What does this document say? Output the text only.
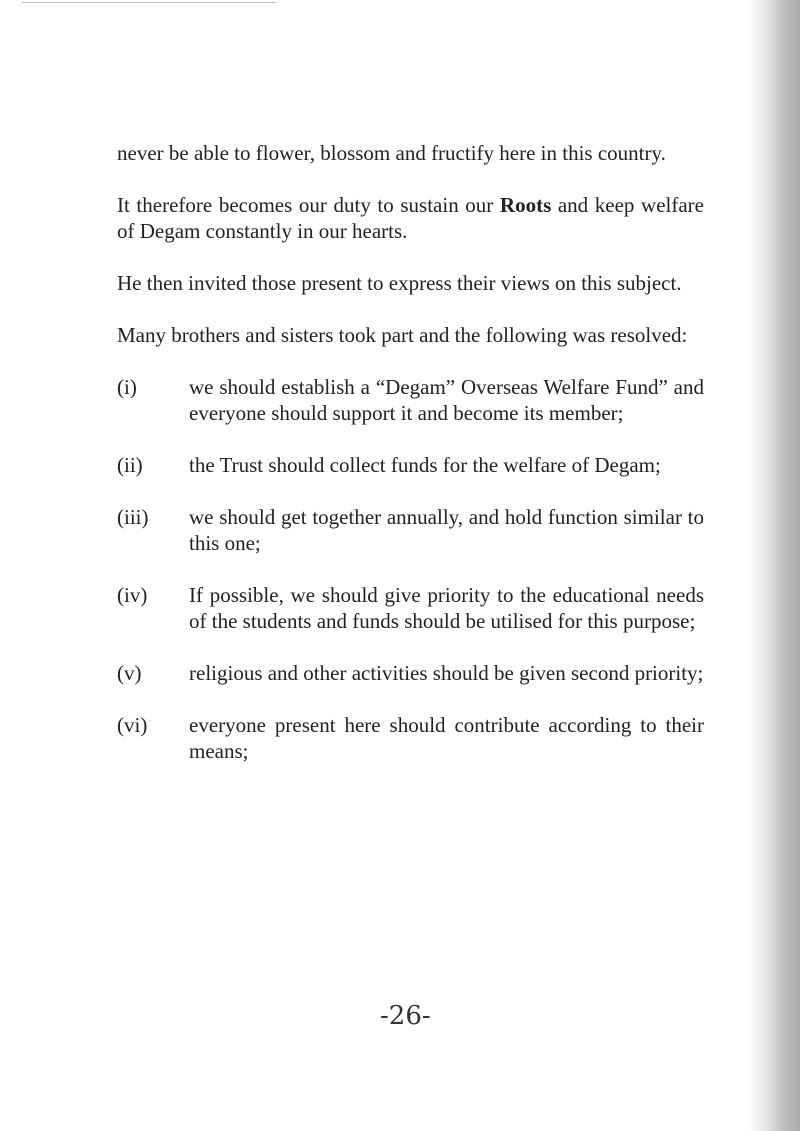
never be able to flower, blossom and fructify here in this country.

It therefore becomes our duty to sustain our Roots and keep welfare of Degam constantly in our hearts.

He then invited those present to express their views on this subject.

Many brothers and sisters took part and the following was resolved:

(i)	we should establish a “Degam” Overseas Welfare Fund” and everyone should support it and become its member;
(ii)	the Trust should collect funds for the welfare of Degam;
(iii)	we should get together annually, and hold function similar to this one;
(iv)	If possible, we should give priority to the educational needs of the students and funds should be utilised for this purpose;
(v)	religious and other activities should be given second priority;
(vi)	everyone present here should contribute according to their means;
-26-
